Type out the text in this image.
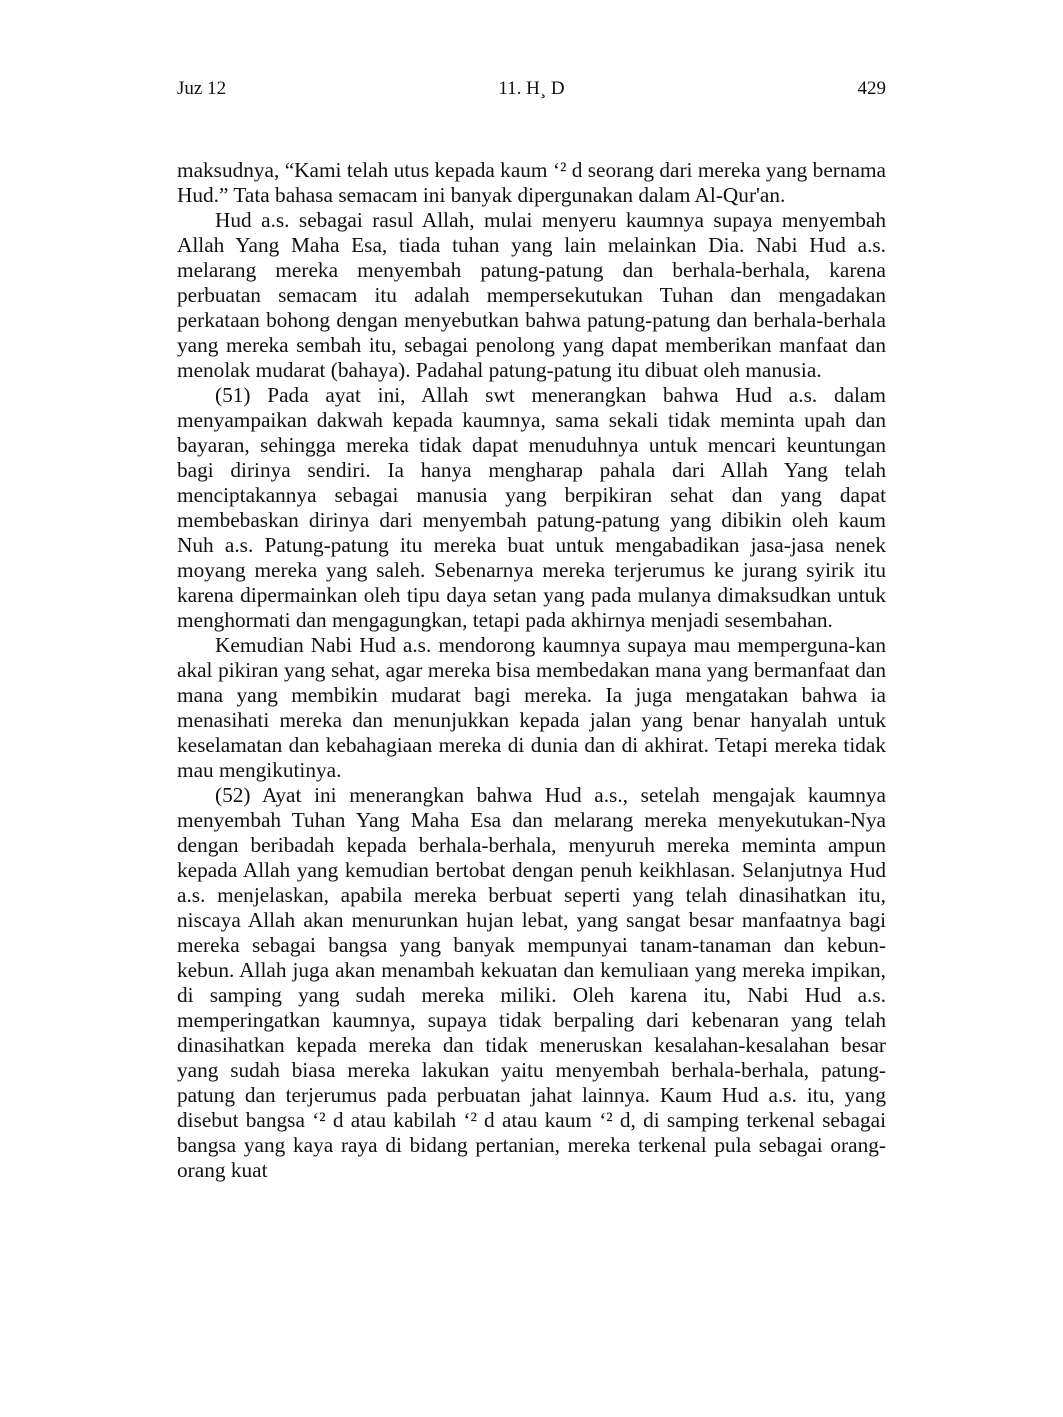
Juz 12	11. H¸ D	429

maksudnya, “Kami telah utus kepada kaum ‘² d seorang dari mereka yang bernama Hud.” Tata bahasa semacam ini banyak dipergunakan dalam Al-Qur'an.

Hud a.s. sebagai rasul Allah, mulai menyeru kaumnya supaya menyembah Allah Yang Maha Esa, tiada tuhan yang lain melainkan Dia. Nabi Hud a.s. melarang mereka menyembah patung-patung dan berhala-berhala, karena perbuatan semacam itu adalah mempersekutukan Tuhan dan mengadakan perkataan bohong dengan menyebutkan bahwa patung-patung dan berhala-berhala yang mereka sembah itu, sebagai penolong yang dapat memberikan manfaat dan menolak mudarat (bahaya). Padahal patung-patung itu dibuat oleh manusia.

(51) Pada ayat ini, Allah swt menerangkan bahwa Hud a.s. dalam menyampaikan dakwah kepada kaumnya, sama sekali tidak meminta upah dan bayaran, sehingga mereka tidak dapat menuduhnya untuk mencari keuntungan bagi dirinya sendiri. Ia hanya mengharap pahala dari Allah Yang telah menciptakannya sebagai manusia yang berpikiran sehat dan yang dapat membebaskan dirinya dari menyembah patung-patung yang dibikin oleh kaum Nuh a.s. Patung-patung itu mereka buat untuk mengabadikan jasa-jasa nenek moyang mereka yang saleh. Sebenarnya mereka terjerumus ke jurang syirik itu karena dipermainkan oleh tipu daya setan yang pada mulanya dimaksudkan untuk menghormati dan mengagungkan, tetapi pada akhirnya menjadi sesembahan.

Kemudian Nabi Hud a.s. mendorong kaumnya supaya mau memperguna-kan akal pikiran yang sehat, agar mereka bisa membedakan mana yang bermanfaat dan mana yang membikin mudarat bagi mereka. Ia juga mengatakan bahwa ia menasihati mereka dan menunjukkan kepada jalan yang benar hanyalah untuk keselamatan dan kebahagiaan mereka di dunia dan di akhirat. Tetapi mereka tidak mau mengikutinya.

(52) Ayat ini menerangkan bahwa Hud a.s., setelah mengajak kaumnya menyembah Tuhan Yang Maha Esa dan melarang mereka menyekutukan-Nya dengan beribadah kepada berhala-berhala, menyuruh mereka meminta ampun kepada Allah yang kemudian bertobat dengan penuh keikhlasan. Selanjutnya Hud a.s. menjelaskan, apabila mereka berbuat seperti yang telah dinasihatkan itu, niscaya Allah akan menurunkan hujan lebat, yang sangat besar manfaatnya bagi mereka sebagai bangsa yang banyak mempunyai tanam-tanaman dan kebun-kebun. Allah juga akan menambah kekuatan dan kemuliaan yang mereka impikan, di samping yang sudah mereka miliki. Oleh karena itu, Nabi Hud a.s. memperingatkan kaumnya, supaya tidak berpaling dari kebenaran yang telah dinasihatkan kepada mereka dan tidak meneruskan kesalahan-kesalahan besar yang sudah biasa mereka lakukan yaitu menyembah berhala-berhala, patung-patung dan terjerumus pada perbuatan jahat lainnya. Kaum Hud a.s. itu, yang disebut bangsa ‘² d atau kabilah ‘² d atau kaum ‘² d, di samping terkenal sebagai bangsa yang kaya raya di bidang pertanian, mereka terkenal pula sebagai orang-orang kuat
